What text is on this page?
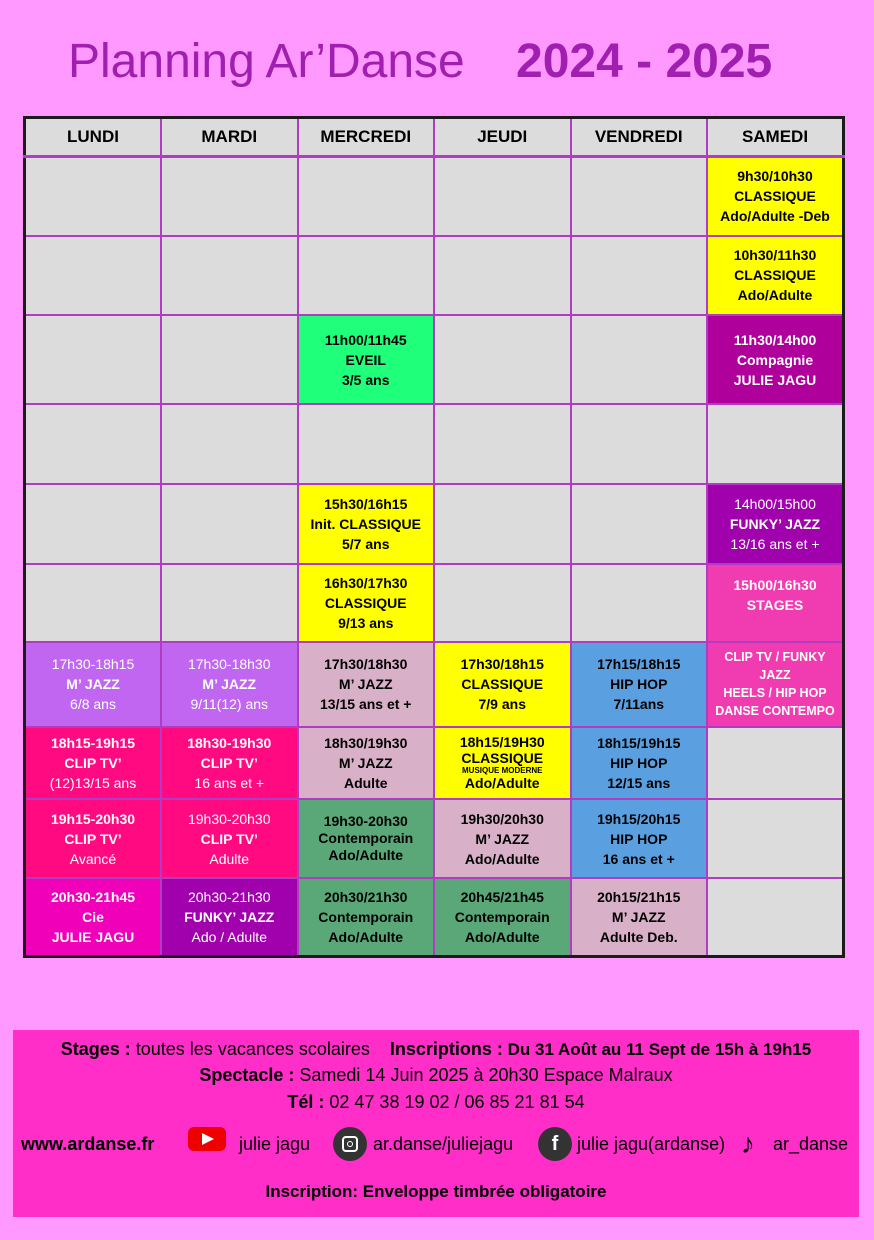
Planning Ar’Danse 2024 - 2025
LUNDI	MARDI	MERCREDI	JEUDI	VENDREDI	SAMEDI

					9h30/10h30
CLASSIQUE
Ado/Adulte -Deb

					10h30/11h30
CLASSIQUE
Ado/Adulte

		11h00/11h45
EVEIL
3/5 ans			11h30/14h00
Compagnie
JULIE JAGU

		15h30/16h15
Init. CLASSIQUE
5/7 ans			14h00/15h00
FUNKY’ JAZZ
13/16 ans et +

		16h30/17h30
CLASSIQUE
9/13 ans			15h00/16h30
STAGES

17h30-18h15
M’ JAZZ
6/8 ans	17h30-18h30
M’ JAZZ
9/11(12) ans	17h30/18h30
M’ JAZZ
13/15 ans et +	17h30/18h15
CLASSIQUE
7/9 ans	17h15/18h15
HIP HOP
7/11ans	CLIP TV / FUNKY JAZZ
HEELS / HIP HOP
DANSE CONTEMPO

18h15-19h15
CLIP TV’
(12)13/15 ans	18h30-19h30
CLIP TV’
16 ans et +	18h30/19h30
M’ JAZZ
Adulte	18h15/19H30
CLASSIQUE
MUSIQUE MODERNE
Ado/Adulte	18h15/19h15
HIP HOP
12/15 ans	

19h15-20h30
CLIP TV’
Avancé	19h30-20h30
CLIP TV’
Adulte	19h30-20h30
Contemporain
Ado/Adulte	19h30/20h30
M’ JAZZ
Ado/Adulte	19h15/20h15
HIP HOP
16 ans et +	

20h30-21h45
Cie
JULIE JAGU	20h30-21h30
FUNKY’ JAZZ
Ado / Adulte	20h30/21h30
Contemporain
Ado/Adulte	20h45/21h45
Contemporain
Ado/Adulte	20h15/21h15
M’ JAZZ
Adulte Deb.	

Stages : toutes les vacances scolaires Inscriptions : Du 31 Août au 11 Sept de 15h à 19h15
Spectacle : Samedi 14 Juin 2025 à 20h30 Espace Malraux
Tél : 02 47 38 19 02 / 06 85 21 81 54
www.ardanse.fr	julie jagu	ar.danse/juliejagu	f	julie jagu(ardanse) ♪ ar_danse
Inscription: Enveloppe timbrée obligatoire
